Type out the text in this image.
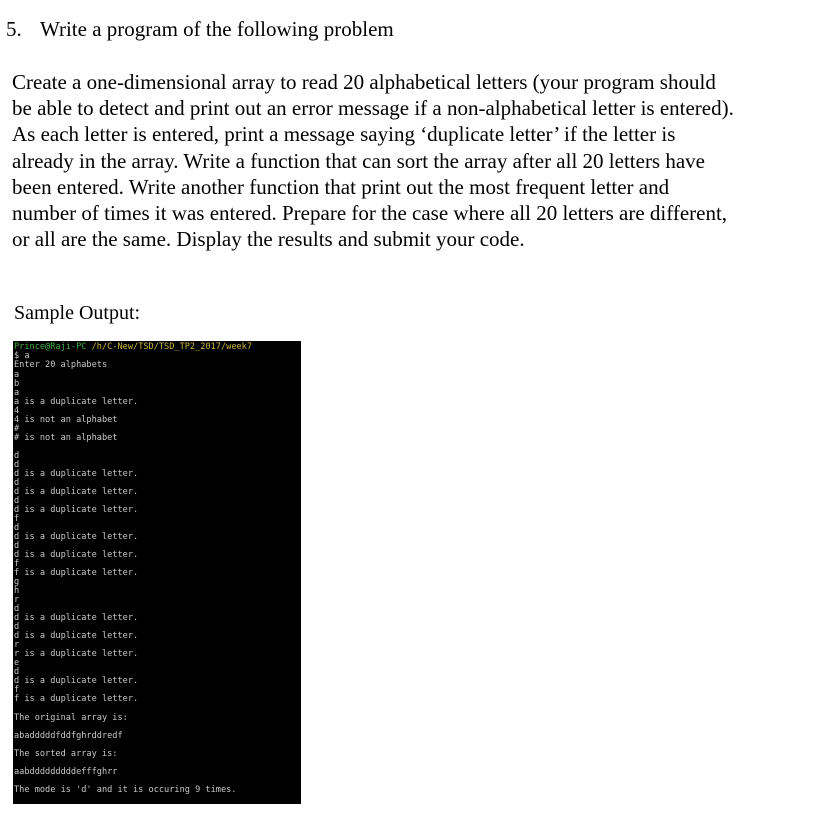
5. Write a program of the following problem
Create a one-dimensional array to read 20 alphabetical letters (your program should
be able to detect and print out an error message if a non-alphabetical letter is entered).
As each letter is entered, print a message saying ‘duplicate letter’ if the letter is
already in the array. Write a function that can sort the array after all 20 letters have
been entered. Write another function that print out the most frequent letter and
number of times it was entered. Prepare for the case where all 20 letters are different,
or all are the same. Display the results and submit your code.
Sample Output:
Prince@Raji-PC /h/C-New/TSD/TSD_TP2_2017/week7
$ a
Enter 20 alphabets
a
b
a
a is a duplicate letter.
4
4 is not an alphabet
#
# is not an alphabet
d
d
d is a duplicate letter.
d
d is a duplicate letter.
d
d is a duplicate letter.
f
d
d is a duplicate letter.
d
d is a duplicate letter.
f
f is a duplicate letter.
g
h
r
d
d is a duplicate letter.
d
d is a duplicate letter.
r
r is a duplicate letter.
e
d
d is a duplicate letter.
f
f is a duplicate letter.
The original array is:
abadddddfddfghrddredf
The sorted array is:
aabdddddddddefffghrr
The mode is 'd' and it is occuring 9 times.
